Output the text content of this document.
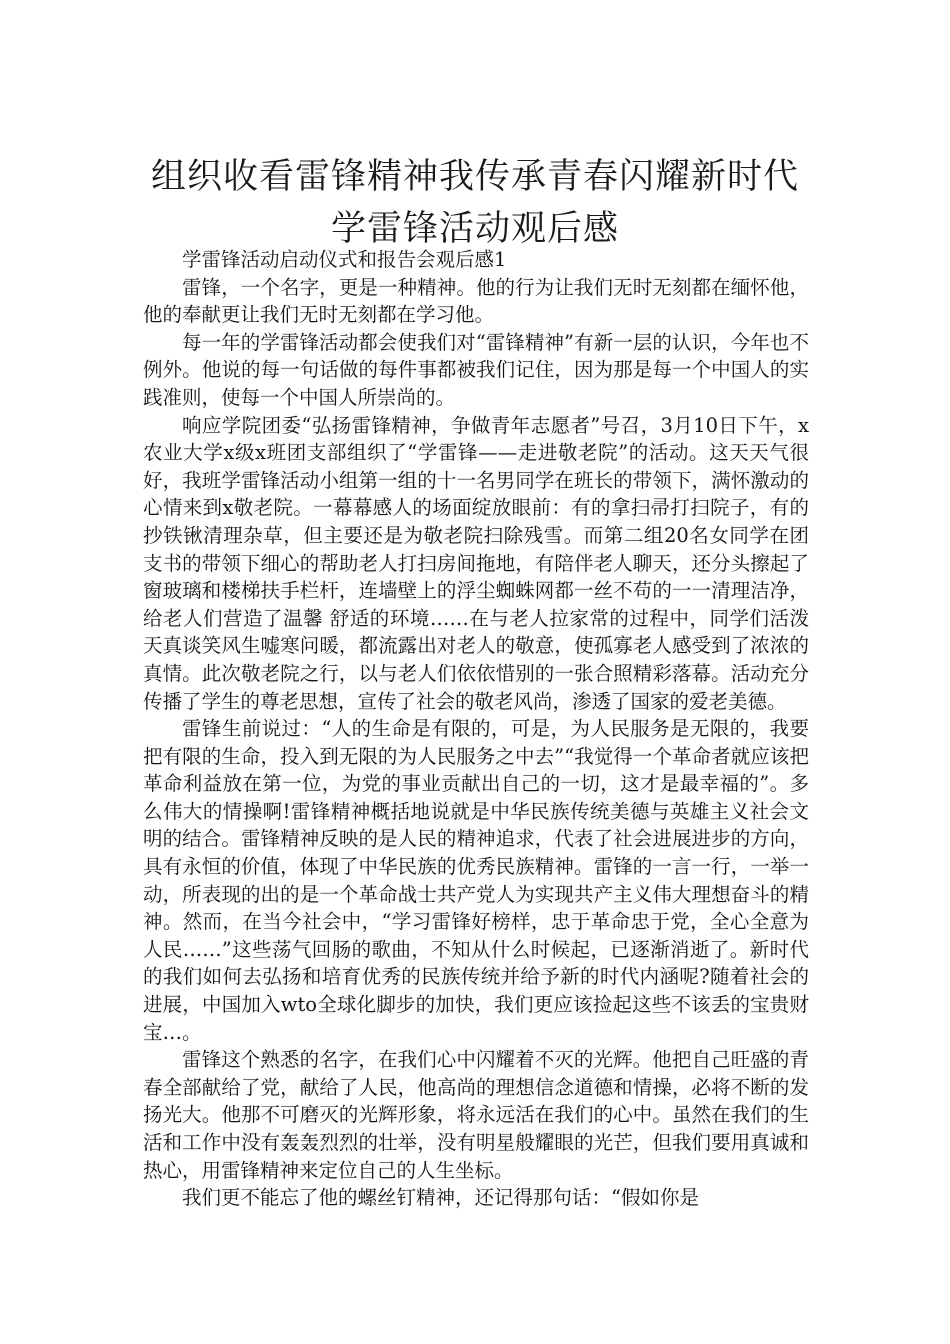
组织收看雷锋精神我传承青春闪耀新时代
学雷锋活动观后感

学雷锋活动启动仪式和报告会观后感1

雷锋，一个名字，更是一种精神。他的行为让我们无时无刻都在缅怀他，他的奉献更让我们无时无刻都在学习他。

每一年的学雷锋活动都会使我们对“雷锋精神”有新一层的认识，今年也不例外。他说的每一句话做的每件事都被我们记住，因为那是每一个中国人的实践准则，使每一个中国人所崇尚的。

响应学院团委“弘扬雷锋精神，争做青年志愿者”号召，3月10日下午，x农业大学x级x班团支部组织了“学雷锋——走进敬老院”的活动。这天天气很好，我班学雷锋活动小组第一组的十一名男同学在班长的带领下，满怀激动的心情来到x敬老院。一幕幕感人的场面绽放眼前：有的拿扫帚打扫院子，有的抄铁锹清理杂草，但主要还是为敬老院扫除残雪。而第二组20名女同学在团支书的带领下细心的帮助老人打扫房间拖地，有陪伴老人聊天，还分头擦起了窗玻璃和楼梯扶手栏杆，连墙壁上的浮尘蜘蛛网都一丝不苟的一一清理洁净，给老人们营造了温馨 舒适的环境……在与老人拉家常的过程中，同学们活泼天真谈笑风生嘘寒问暖，都流露出对老人的敬意，使孤寡老人感受到了浓浓的真情。此次敬老院之行，以与老人们依依惜别的一张合照精彩落幕。活动充分传播了学生的尊老思想，宣传了社会的敬老风尚，渗透了国家的爱老美德。

雷锋生前说过：“人的生命是有限的，可是，为人民服务是无限的，我要把有限的生命，投入到无限的为人民服务之中去”“我觉得一个革命者就应该把革命利益放在第一位，为党的事业贡献出自己的一切，这才是最幸福的”。多么伟大的情操啊!雷锋精神概括地说就是中华民族传统美德与英雄主义社会文明的结合。雷锋精神反映的是人民的精神追求，代表了社会进展进步的方向，具有永恒的价值，体现了中华民族的优秀民族精神。雷锋的一言一行，一举一动，所表现的出的是一个革命战士共产党人为实现共产主义伟大理想奋斗的精神。然而，在当今社会中，“学习雷锋好榜样，忠于革命忠于党，全心全意为人民……”这些荡气回肠的歌曲，不知从什么时候起，已逐渐消逝了。新时代的我们如何去弘扬和培育优秀的民族传统并给予新的时代内涵呢?随着社会的进展，中国加入wto全球化脚步的加快，我们更应该捡起这些不该丢的宝贵财宝…。

雷锋这个熟悉的名字，在我们心中闪耀着不灭的光辉。他把自己旺盛的青春全部献给了党，献给了人民，他高尚的理想信念道德和情操，必将不断的发扬光大。他那不可磨灭的光辉形象，将永远活在我们的心中。虽然在我们的生活和工作中没有轰轰烈烈的壮举，没有明星般耀眼的光芒，但我们要用真诚和热心，用雷锋精神来定位自己的人生坐标。

我们更不能忘了他的螺丝钉精神，还记得那句话：“假如你是
